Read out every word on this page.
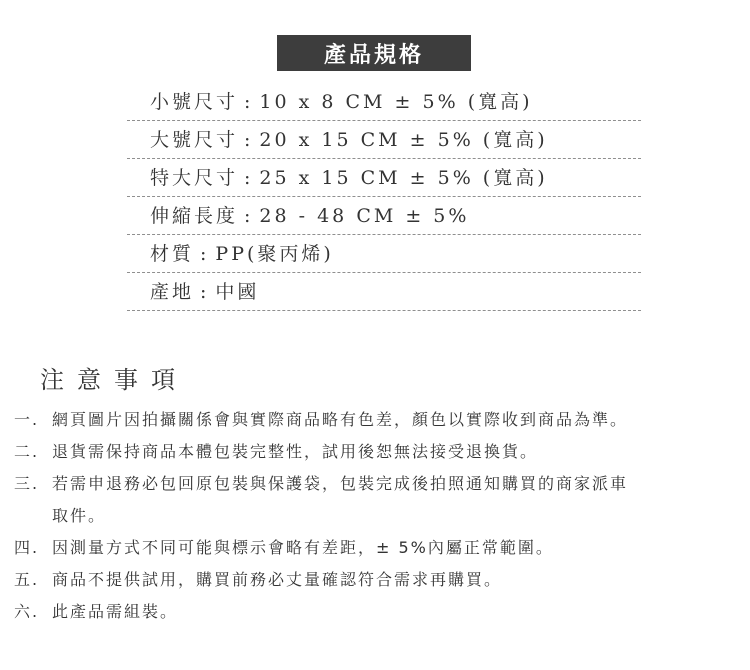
產品規格
小號尺寸 : 10 x 8 CM ± 5% (寬高)
大號尺寸 : 20 x 15 CM ± 5% (寬高)
特大尺寸 : 25 x 15 CM ± 5% (寬高)
伸縮長度 : 28 - 48 CM ± 5%
材質 : PP(聚丙烯)
產地 : 中國
注意事項
一. 網頁圖片因拍攝關係會與實際商品略有色差，顏色以實際收到商品為準。
二. 退貨需保持商品本體包裝完整性，試用後恕無法接受退換貨。
三. 若需申退務必包回原包裝與保護袋，包裝完成後拍照通知購買的商家派車
取件。
四. 因測量方式不同可能與標示會略有差距，± 5%內屬正常範圍。
五. 商品不提供試用，購買前務必丈量確認符合需求再購買。
六. 此產品需組裝。
